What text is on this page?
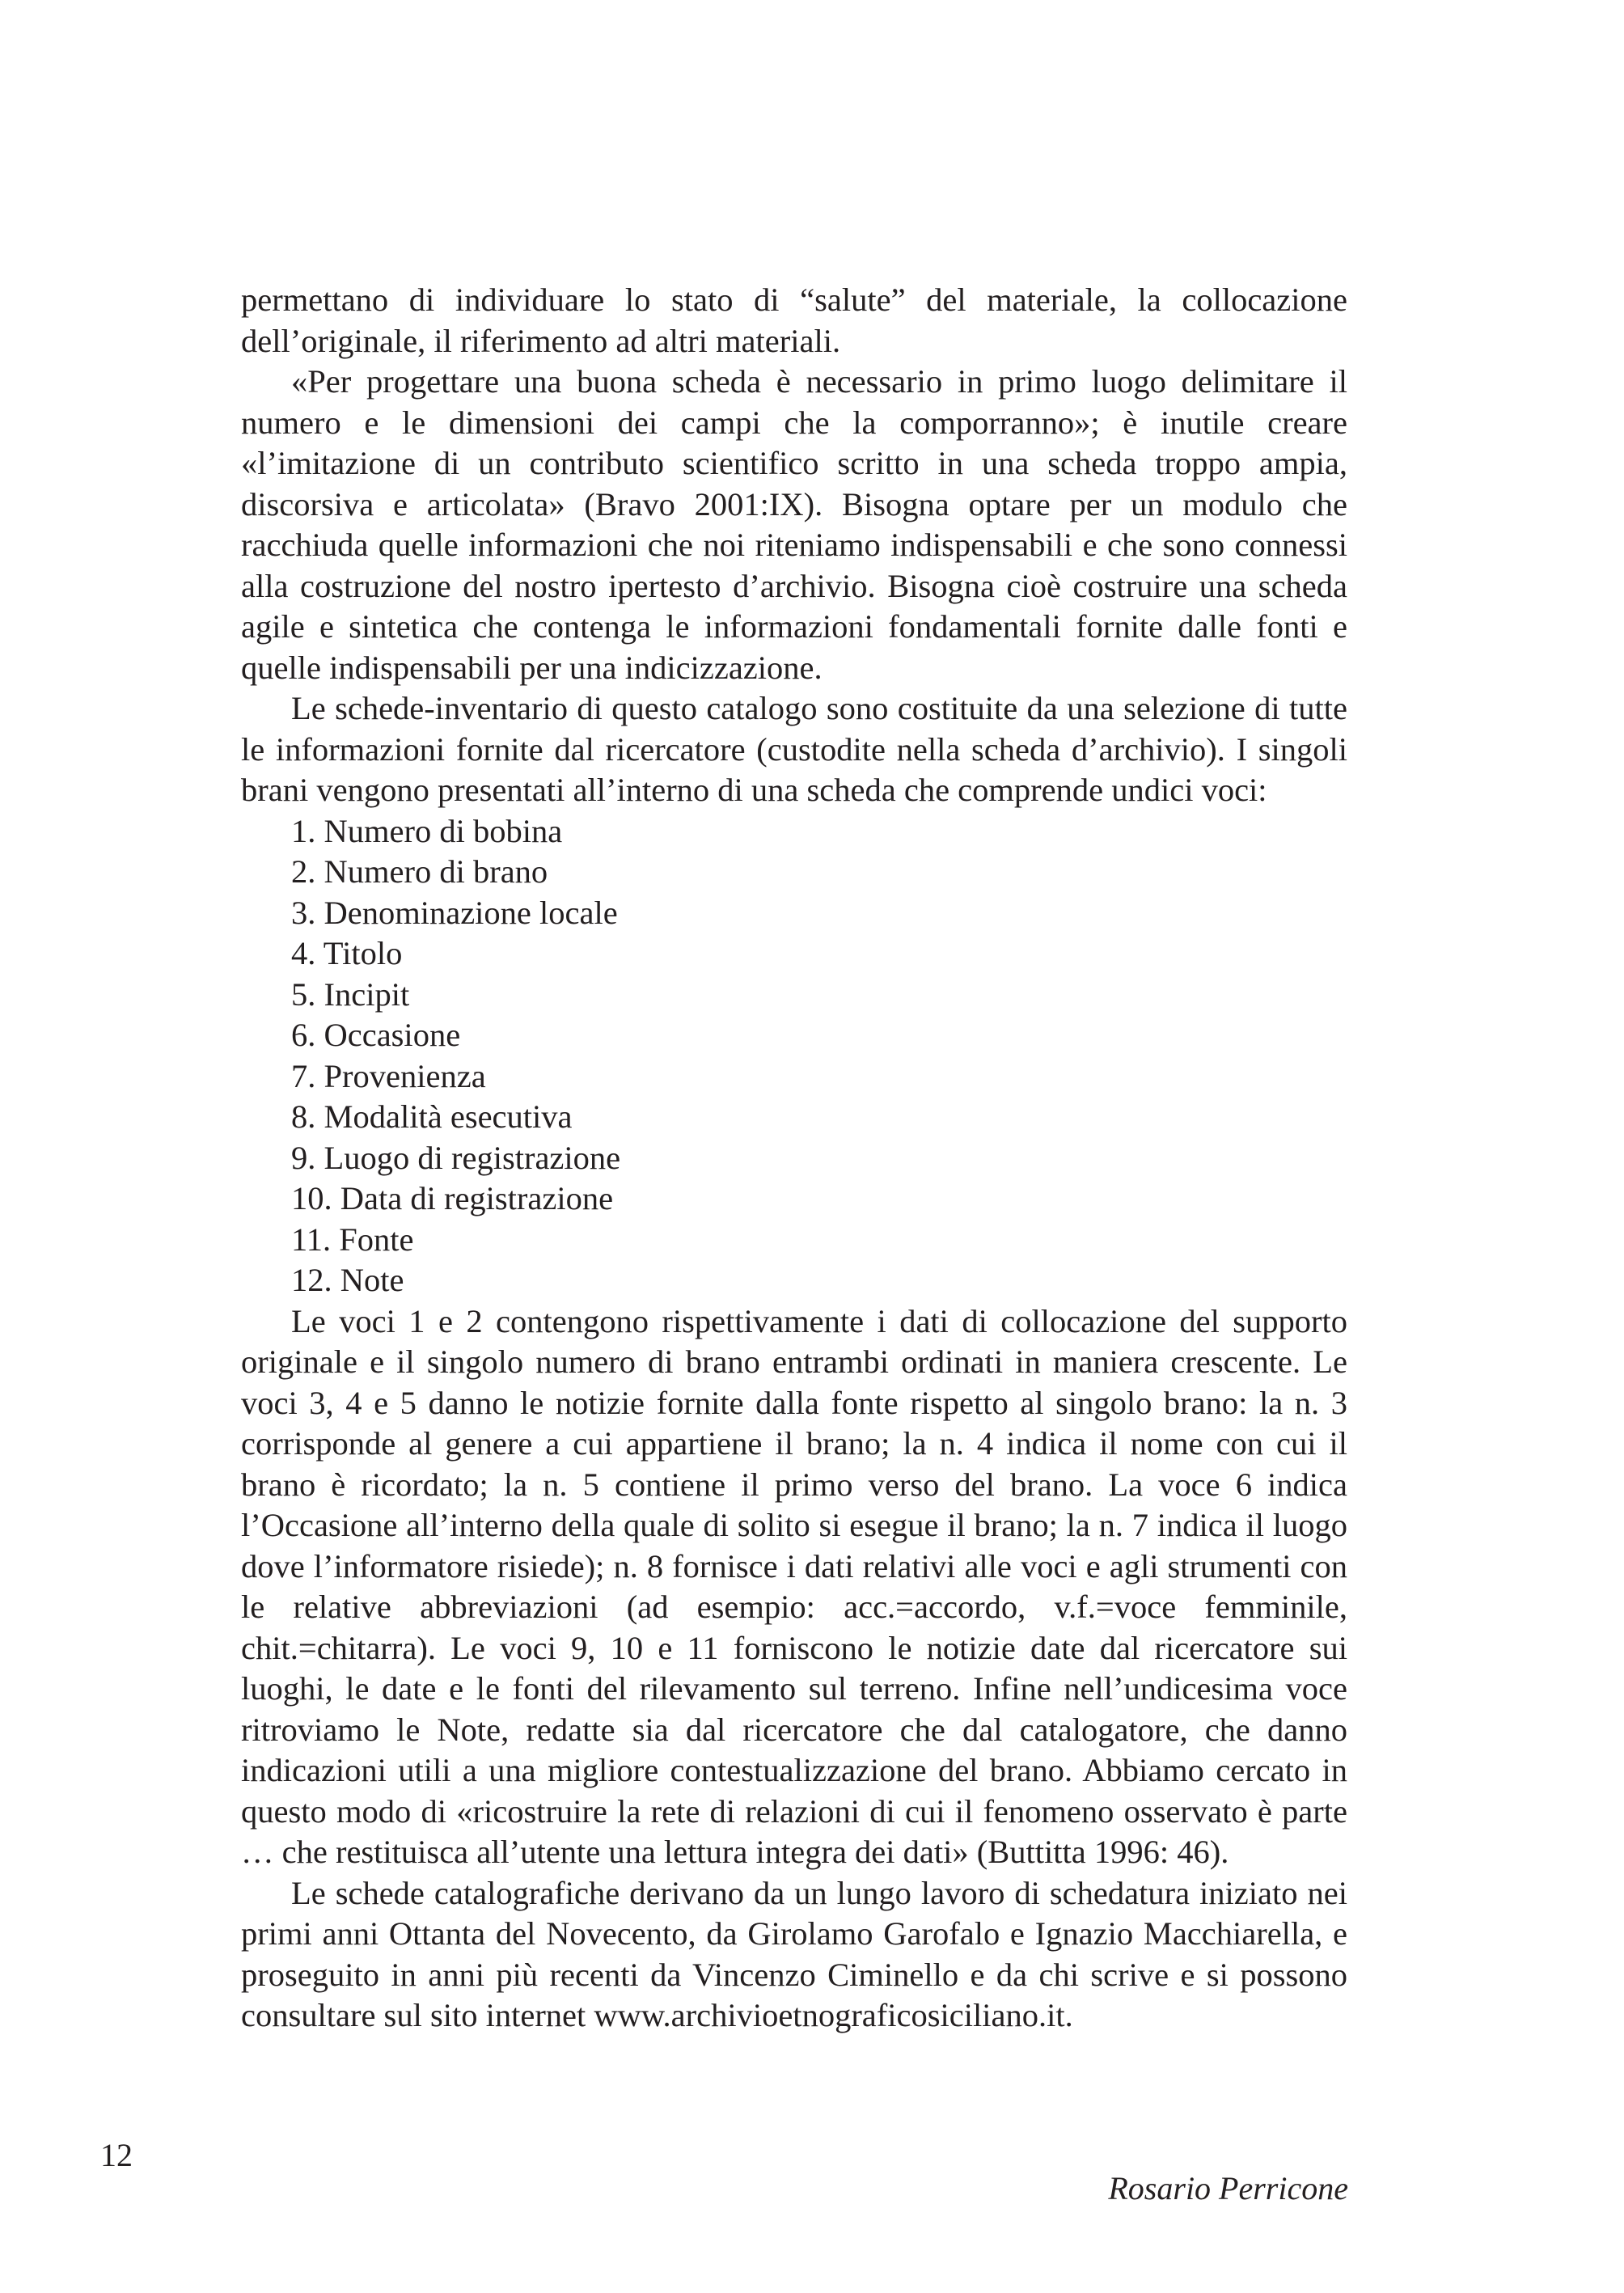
permettano di individuare lo stato di “salute” del materiale, la collocazione dell’originale, il riferimento ad altri materiali.

«Per progettare una buona scheda è necessario in primo luogo delimitare il numero e le dimensioni dei campi che la comporranno»; è inutile creare «l’imitazione di un contributo scientifico scritto in una scheda troppo ampia, discorsiva e articolata» (Bravo 2001:IX). Bisogna optare per un modulo che racchiuda quelle informazioni che noi riteniamo indispensabili e che sono connessi alla costruzione del nostro ipertesto d’archivio. Bisogna cioè costruire una scheda agile e sintetica che contenga le informazioni fondamentali fornite dalle fonti e quelle indispensabili per una indicizzazione.

Le schede-inventario di questo catalogo sono costituite da una selezione di tutte le informazioni fornite dal ricercatore (custodite nella scheda d’archivio). I singoli brani vengono presentati all’interno di una scheda che comprende undici voci:

1. Numero di bobina
2. Numero di brano
3. Denominazione locale
4. Titolo
5. Incipit
6. Occasione
7. Provenienza
8. Modalità esecutiva
9. Luogo di registrazione
10. Data di registrazione
11. Fonte
12. Note

Le voci 1 e 2 contengono rispettivamente i dati di collocazione del supporto originale e il singolo numero di brano entrambi ordinati in maniera crescente. Le voci 3, 4 e 5 danno le notizie fornite dalla fonte rispetto al singolo brano: la n. 3 corrisponde al genere a cui appartiene il brano; la n. 4 indica il nome con cui il brano è ricordato; la n. 5 contiene il primo verso del brano. La voce 6 indica l’Occasione all’interno della quale di solito si esegue il brano; la n. 7 indica il luogo dove l’informatore risiede); n. 8 fornisce i dati relativi alle voci e agli strumenti con le relative abbreviazioni (ad esempio: acc.=accordo, v.f.=voce femminile, chit.=chitarra). Le voci 9, 10 e 11 forniscono le notizie date dal ricercatore sui luoghi, le date e le fonti del rilevamento sul terreno. Infine nell’undicesima voce ritroviamo le Note, redatte sia dal ricercatore che dal catalogatore, che danno indicazioni utili a una migliore contestualizzazione del brano. Abbiamo cercato in questo modo di «ricostruire la rete di relazioni di cui il fenomeno osservato è parte … che restituisca all’utente una lettura integra dei dati» (Buttitta 1996: 46).

Le schede catalografiche derivano da un lungo lavoro di schedatura iniziato nei primi anni Ottanta del Novecento, da Girolamo Garofalo e Ignazio Macchiarella, e proseguito in anni più recenti da Vincenzo Ciminello e da chi scrive e si possono consultare sul sito internet www.archivioetnograficosiciliano.it.

12
Rosario Perricone
